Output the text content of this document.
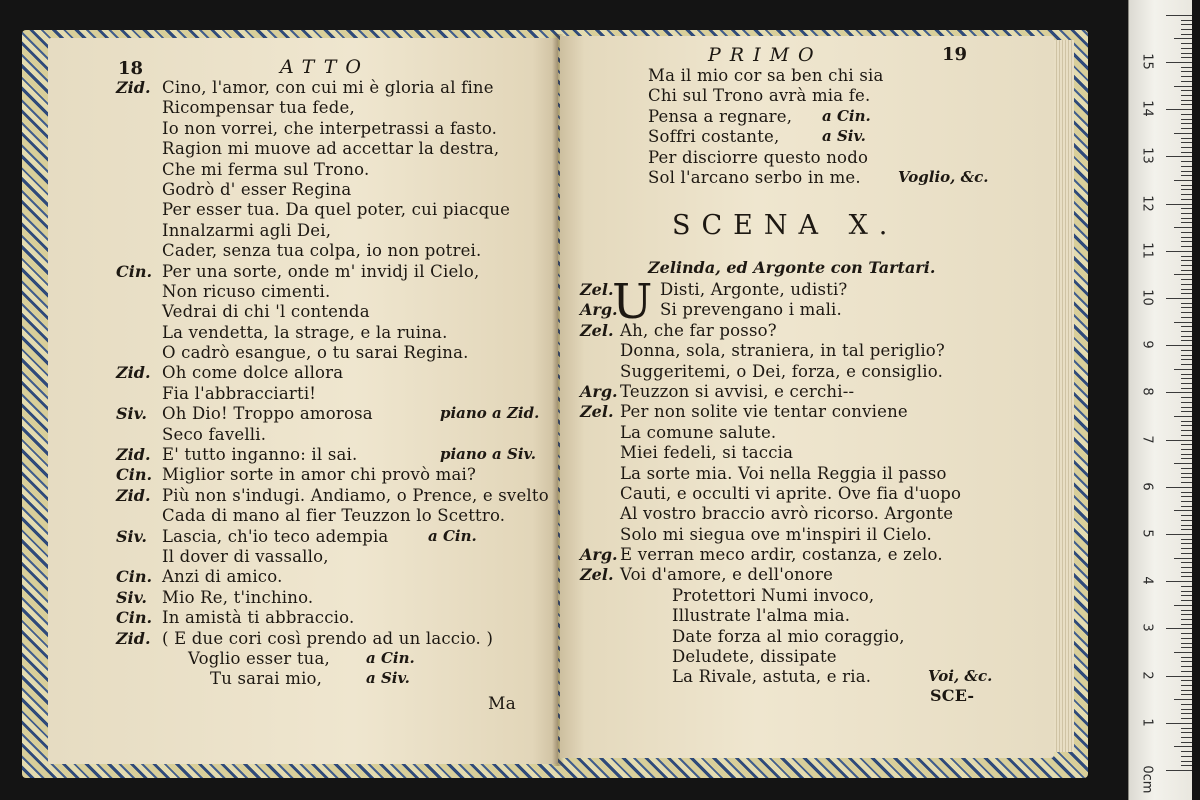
18	ATTO
Zid. Cino, l'amor, con cui mi è gloria al fine
Ricompensar tua fede,
Io non vorrei, che interpetrassi a fasto.
Ragion mi muove ad accettar la destra,
Che mi ferma sul Trono.
Godrò d' esser Regina
Per esser tua. Da quel poter, cui piacque
Innalzarmi agli Dei,
Cader, senza tua colpa, io non potrei.
Cin. Per una sorte, onde m' invidj il Cielo,
Non ricuso cimenti.
Vedrai di chi 'l contenda
La vendetta, la strage, e la ruina.
O cadrò esangue, o tu sarai Regina.
Zid. Oh come dolce allora
Fia l'abbracciarti!
Siv. Oh Dio! Troppo amorosa	piano a Zid.
Seco favelli.
Zid. E' tutto inganno: il sai.	piano a Siv.
Cin. Miglior sorte in amor chi provò mai?
Zid. Più non s'indugi. Andiamo, o Prence, e svelto
Cada di mano al fier Teuzzon lo Scettro.
Siv. Lascia, ch'io teco adempia	a Cin.
Il dover di vassallo,
Cin. Anzi di amico.
Siv. Mio Re, t'inchino.
Cin. In amistà ti abbraccio.
Zid. ( E due cori così prendo ad un laccio. )
Voglio esser tua, a Cin.
Tu sarai mio,	a Siv.
Ma
PRIMO	19
Ma il mio cor sa ben chi sia
Chi sul Trono avrà mia fe.
Pensa a regnare, a Cin.
Soffri costante,	a Siv.
Per disciorre questo nodo
Sol l'arcano serbo in me. Voglio, &c.
SCENA X.
Zelinda, ed Argonte con Tartari.
U
Zel.	Disti, Argonte, udisti?
Arg.	Si prevengano i mali.
Zel. Ah, che far posso?
Donna, sola, straniera, in tal periglio?
Suggeritemi, o Dei, forza, e consiglio.
Arg. Teuzzon si avvisi, e cerchi--
Zel. Per non solite vie tentar conviene
La comune salute.
Miei fedeli, si taccia
La sorte mia. Voi nella Reggia il passo
Cauti, e occulti vi aprite. Ove fia d'uopo
Al vostro braccio avrò ricorso. Argonte
Solo mi siegua ove m'inspiri il Cielo.
Arg. E verran meco ardir, costanza, e zelo.
Zel. Voi d'amore, e dell'onore
Protettori Numi invoco,
Illustrate l'alma mia.
Date forza al mio coraggio,
Deludete, dissipate
La Rivale, astuta, e ria.	Voi, &c.
SCE-
0
1
2
3
4
5
6
7
8
9
10
11
12
13
14
15
cm
